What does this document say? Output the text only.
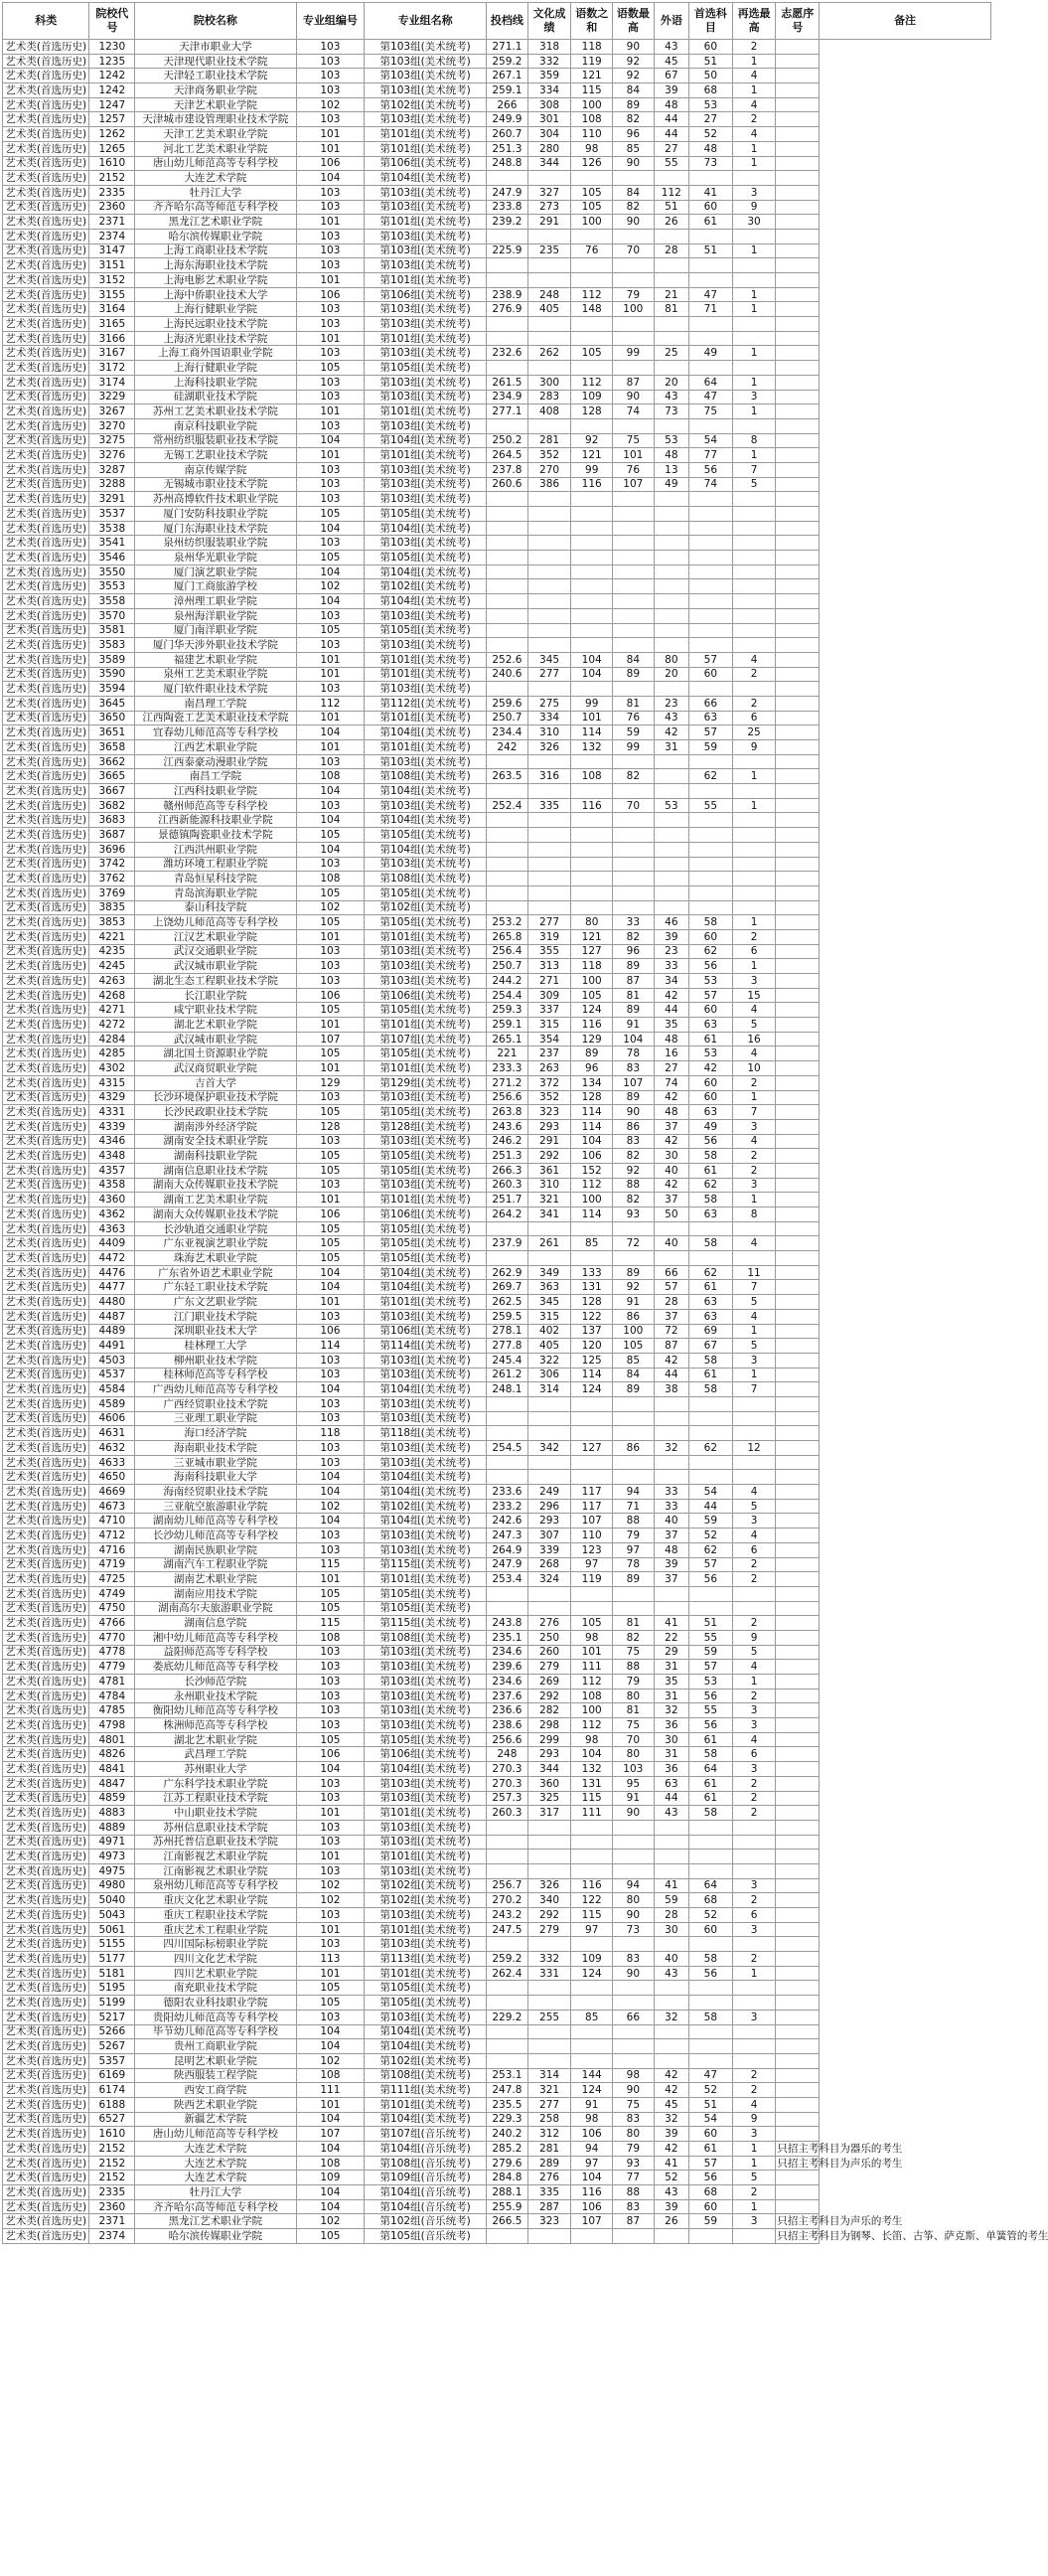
科类	院校代号	院校名称	专业组编号	专业组名称	投档线	文化成绩	语数之和	语数最高	外语	首选科目	再选最高	志愿序号	备注
艺术类(首选历史)	1230	天津市职业大学	103	第103组(美术统考)	271.1	318	118	90	43	60	2		
艺术类(首选历史)	1235	天津现代职业技术学院	103	第103组(美术统考)	259.2	332	119	92	45	51	1		
艺术类(首选历史)	1242	天津轻工职业技术学院	103	第103组(美术统考)	267.1	359	121	92	67	50	4		
艺术类(首选历史)	1242	天津商务职业学院	103	第103组(美术统考)	259.1	334	115	84	39	68	1		
艺术类(首选历史)	1247	天津艺术职业学院	102	第102组(美术统考)	266	308	100	89	48	53	4		
艺术类(首选历史)	1257	天津城市建设管理职业技术学院	103	第103组(美术统考)	249.9	301	108	82	44	27	2		
艺术类(首选历史)	1262	天津工艺美术职业学院	101	第101组(美术统考)	260.7	304	110	96	44	52	4		
艺术类(首选历史)	1265	河北工艺美术职业学院	101	第101组(美术统考)	251.3	280	98	85	27	48	1		
艺术类(首选历史)	1610	唐山幼儿师范高等专科学校	106	第106组(美术统考)	248.8	344	126	90	55	73	1		
艺术类(首选历史)	2152	大连艺术学院	104	第104组(美术统考)									
艺术类(首选历史)	2335	牡丹江大学	103	第103组(美术统考)	247.9	327	105	84	112	41	3		
艺术类(首选历史)	2360	齐齐哈尔高等师范专科学校	103	第103组(美术统考)	233.8	273	105	82	51	60	9		
艺术类(首选历史)	2371	黑龙江艺术职业学院	101	第101组(美术统考)	239.2	291	100	90	26	61	30		
艺术类(首选历史)	2374	哈尔滨传媒职业学院	103	第103组(美术统考)									
艺术类(首选历史)	3147	上海工商职业技术学院	103	第103组(美术统考)	225.9	235	76	70	28	51	1		
艺术类(首选历史)	3151	上海东海职业技术学院	103	第103组(美术统考)									
艺术类(首选历史)	3152	上海电影艺术职业学院	101	第101组(美术统考)									
艺术类(首选历史)	3155	上海中侨职业技术大学	106	第106组(美术统考)	238.9	248	112	79	21	47	1		
艺术类(首选历史)	3164	上海行健职业学院	103	第103组(美术统考)	276.9	405	148	100	81	71	1		
艺术类(首选历史)	3165	上海民远职业技术学院	103	第103组(美术统考)									
艺术类(首选历史)	3166	上海济光职业技术学院	101	第101组(美术统考)									
艺术类(首选历史)	3167	上海工商外国语职业学院	103	第103组(美术统考)	232.6	262	105	99	25	49	1		
艺术类(首选历史)	3172	上海行健职业学院	105	第105组(美术统考)									
艺术类(首选历史)	3174	上海科技职业学院	103	第103组(美术统考)	261.5	300	112	87	20	64	1		
艺术类(首选历史)	3229	硅湖职业技术学院	103	第103组(美术统考)	234.9	283	109	90	43	47	3		
艺术类(首选历史)	3267	苏州工艺美术职业技术学院	101	第101组(美术统考)	277.1	408	128	74	73	75	1		
艺术类(首选历史)	3270	南京科技职业学院	103	第103组(美术统考)									
艺术类(首选历史)	3275	常州纺织服装职业技术学院	104	第104组(美术统考)	250.2	281	92	75	53	54	8		
艺术类(首选历史)	3276	无锡工艺职业技术学院	101	第101组(美术统考)	264.5	352	121	101	48	77	1		
艺术类(首选历史)	3287	南京传媒学院	103	第103组(美术统考)	237.8	270	99	76	13	56	7		
艺术类(首选历史)	3288	无锡城市职业技术学院	103	第103组(美术统考)	260.6	386	116	107	49	74	5		
艺术类(首选历史)	3291	苏州高博软件技术职业学院	103	第103组(美术统考)									
艺术类(首选历史)	3537	厦门安防科技职业学院	105	第105组(美术统考)									
艺术类(首选历史)	3538	厦门东海职业技术学院	104	第104组(美术统考)									
艺术类(首选历史)	3541	泉州纺织服装职业学院	103	第103组(美术统考)									
艺术类(首选历史)	3546	泉州华光职业学院	105	第105组(美术统考)									
艺术类(首选历史)	3550	厦门演艺职业学院	104	第104组(美术统考)									
艺术类(首选历史)	3553	厦门工商旅游学校	102	第102组(美术统考)									
艺术类(首选历史)	3558	漳州理工职业学院	104	第104组(美术统考)									
艺术类(首选历史)	3570	泉州海洋职业学院	103	第103组(美术统考)									
艺术类(首选历史)	3581	厦门南洋职业学院	105	第105组(美术统考)									
艺术类(首选历史)	3583	厦门华天涉外职业技术学院	103	第103组(美术统考)									
艺术类(首选历史)	3589	福建艺术职业学院	101	第101组(美术统考)	252.6	345	104	84	80	57	4		
艺术类(首选历史)	3590	泉州工艺美术职业学院	101	第101组(美术统考)	240.6	277	104	89	20	60	2		
艺术类(首选历史)	3594	厦门软件职业技术学院	103	第103组(美术统考)									
艺术类(首选历史)	3645	南昌理工学院	112	第112组(美术统考)	259.6	275	99	81	23	66	2		
艺术类(首选历史)	3650	江西陶瓷工艺美术职业技术学院	101	第101组(美术统考)	250.7	334	101	76	43	63	6		
艺术类(首选历史)	3651	宜春幼儿师范高等专科学校	104	第104组(美术统考)	234.4	310	114	59	42	57	25		
艺术类(首选历史)	3658	江西艺术职业学院	101	第101组(美术统考)	242	326	132	99	31	59	9		
艺术类(首选历史)	3662	江西泰豪动漫职业学院	103	第103组(美术统考)									
艺术类(首选历史)	3665	南昌工学院	108	第108组(美术统考)	263.5	316	108	82		62	1		
艺术类(首选历史)	3667	江西科技职业学院	104	第104组(美术统考)									
艺术类(首选历史)	3682	赣州师范高等专科学校	103	第103组(美术统考)	252.4	335	116	70	53	55	1		
艺术类(首选历史)	3683	江西新能源科技职业学院	104	第104组(美术统考)									
艺术类(首选历史)	3687	景德镇陶瓷职业技术学院	105	第105组(美术统考)									
艺术类(首选历史)	3696	江西洪州职业学院	104	第104组(美术统考)									
艺术类(首选历史)	3742	潍坊环境工程职业学院	103	第103组(美术统考)									
艺术类(首选历史)	3762	青岛恒星科技学院	108	第108组(美术统考)									
艺术类(首选历史)	3769	青岛滨海职业学院	105	第105组(美术统考)									
艺术类(首选历史)	3835	泰山科技学院	102	第102组(美术统考)									
艺术类(首选历史)	3853	上饶幼儿师范高等专科学校	105	第105组(美术统考)	253.2	277	80	33	46	58	1		
艺术类(首选历史)	4221	江汉艺术职业学院	101	第101组(美术统考)	265.8	319	121	82	39	60	2		
艺术类(首选历史)	4235	武汉交通职业学院	103	第103组(美术统考)	256.4	355	127	96	23	62	6		
艺术类(首选历史)	4245	武汉城市职业学院	103	第103组(美术统考)	250.7	313	118	89	33	56	1		
艺术类(首选历史)	4263	湖北生态工程职业技术学院	103	第103组(美术统考)	244.2	271	100	87	34	53	3		
艺术类(首选历史)	4268	长江职业学院	106	第106组(美术统考)	254.4	309	105	81	42	57	15		
艺术类(首选历史)	4271	咸宁职业技术学院	105	第105组(美术统考)	259.3	337	124	89	44	60	4		
艺术类(首选历史)	4272	湖北艺术职业学院	101	第101组(美术统考)	259.1	315	116	91	35	63	5		
艺术类(首选历史)	4284	武汉城市职业学院	107	第107组(美术统考)	265.1	354	129	104	48	61	16		
艺术类(首选历史)	4285	湖北国土资源职业学院	105	第105组(美术统考)	221	237	89	78	16	53	4		
艺术类(首选历史)	4302	武汉商贸职业学院	101	第101组(美术统考)	233.3	263	96	83	27	42	10		
艺术类(首选历史)	4315	吉首大学	129	第129组(美术统考)	271.2	372	134	107	74	60	2		
艺术类(首选历史)	4329	长沙环境保护职业技术学院	103	第103组(美术统考)	256.6	352	128	89	42	60	1		
艺术类(首选历史)	4331	长沙民政职业技术学院	105	第105组(美术统考)	263.8	323	114	90	48	63	7		
艺术类(首选历史)	4339	湖南涉外经济学院	128	第128组(美术统考)	243.6	293	114	86	37	49	3		
艺术类(首选历史)	4346	湖南安全技术职业学院	103	第103组(美术统考)	246.2	291	104	83	42	56	4		
艺术类(首选历史)	4348	湖南科技职业学院	105	第105组(美术统考)	251.3	292	106	82	30	58	2		
艺术类(首选历史)	4357	湖南信息职业技术学院	105	第105组(美术统考)	266.3	361	152	92	40	61	2		
艺术类(首选历史)	4358	湖南大众传媒职业技术学院	103	第103组(美术统考)	260.3	310	112	88	42	62	3		
艺术类(首选历史)	4360	湖南工艺美术职业学院	101	第101组(美术统考)	251.7	321	100	82	37	58	1		
艺术类(首选历史)	4362	湖南大众传媒职业技术学院	106	第106组(美术统考)	264.2	341	114	93	50	63	8		
艺术类(首选历史)	4363	长沙轨道交通职业学院	105	第105组(美术统考)									
艺术类(首选历史)	4409	广东亚视演艺职业学院	105	第105组(美术统考)	237.9	261	85	72	40	58	4		
艺术类(首选历史)	4472	珠海艺术职业学院	105	第105组(美术统考)									
艺术类(首选历史)	4476	广东省外语艺术职业学院	104	第104组(美术统考)	262.9	349	133	89	66	62	11		
艺术类(首选历史)	4477	广东轻工职业技术学院	104	第104组(美术统考)	269.7	363	131	92	57	61	7		
艺术类(首选历史)	4480	广东文艺职业学院	101	第101组(美术统考)	262.5	345	128	91	28	63	5		
艺术类(首选历史)	4487	江门职业技术学院	103	第103组(美术统考)	259.5	315	122	86	37	63	4		
艺术类(首选历史)	4489	深圳职业技术大学	106	第106组(美术统考)	278.1	402	137	100	72	69	1		
艺术类(首选历史)	4491	桂林理工大学	114	第114组(美术统考)	277.8	405	120	105	87	67	5		
艺术类(首选历史)	4503	柳州职业技术学院	103	第103组(美术统考)	245.4	322	125	85	42	58	3		
艺术类(首选历史)	4537	桂林师范高等专科学校	103	第103组(美术统考)	261.2	306	114	84	44	61	1		
艺术类(首选历史)	4584	广西幼儿师范高等专科学校	104	第104组(美术统考)	248.1	314	124	89	38	58	7		
艺术类(首选历史)	4589	广西经贸职业技术学院	103	第103组(美术统考)									
艺术类(首选历史)	4606	三亚理工职业学院	103	第103组(美术统考)									
艺术类(首选历史)	4631	海口经济学院	118	第118组(美术统考)									
艺术类(首选历史)	4632	海南职业技术学院	103	第103组(美术统考)	254.5	342	127	86	32	62	12		
艺术类(首选历史)	4633	三亚城市职业学院	103	第103组(美术统考)									
艺术类(首选历史)	4650	海南科技职业大学	104	第104组(美术统考)									
艺术类(首选历史)	4669	海南经贸职业技术学院	104	第104组(美术统考)	233.6	249	117	94	33	54	4		
艺术类(首选历史)	4673	三亚航空旅游职业学院	102	第102组(美术统考)	233.2	296	117	71	33	44	5		
艺术类(首选历史)	4710	湖南幼儿师范高等专科学校	104	第104组(美术统考)	242.6	293	107	88	40	59	3		
艺术类(首选历史)	4712	长沙幼儿师范高等专科学校	103	第103组(美术统考)	247.3	307	110	79	37	52	4		
艺术类(首选历史)	4716	湖南民族职业学院	103	第103组(美术统考)	264.9	339	123	97	48	62	6		
艺术类(首选历史)	4719	湖南汽车工程职业学院	115	第115组(美术统考)	247.9	268	97	78	39	57	2		
艺术类(首选历史)	4725	湖南艺术职业学院	101	第101组(美术统考)	253.4	324	119	89	37	56	2		
艺术类(首选历史)	4749	湖南应用技术学院	105	第105组(美术统考)									
艺术类(首选历史)	4750	湖南高尔夫旅游职业学院	105	第105组(美术统考)									
艺术类(首选历史)	4766	湖南信息学院	115	第115组(美术统考)	243.8	276	105	81	41	51	2		
艺术类(首选历史)	4770	湘中幼儿师范高等专科学校	108	第108组(美术统考)	235.1	250	98	82	22	55	9		
艺术类(首选历史)	4778	益阳师范高等专科学校	103	第103组(美术统考)	234.6	260	101	75	29	59	5		
艺术类(首选历史)	4779	娄底幼儿师范高等专科学校	103	第103组(美术统考)	239.6	279	111	88	31	57	4		
艺术类(首选历史)	4781	长沙师范学院	103	第103组(美术统考)	234.6	269	112	79	35	53	1		
艺术类(首选历史)	4784	永州职业技术学院	103	第103组(美术统考)	237.6	292	108	80	31	56	2		
艺术类(首选历史)	4785	衡阳幼儿师范高等专科学校	103	第103组(美术统考)	236.6	282	100	81	32	55	3		
艺术类(首选历史)	4798	株洲师范高等专科学校	103	第103组(美术统考)	238.6	298	112	75	36	56	3		
艺术类(首选历史)	4801	湖北艺术职业学院	105	第105组(美术统考)	256.6	299	98	70	30	61	4		
艺术类(首选历史)	4826	武昌理工学院	106	第106组(美术统考)	248	293	104	80	31	58	6		
艺术类(首选历史)	4841	苏州职业大学	104	第104组(美术统考)	270.3	344	132	103	36	64	3		
艺术类(首选历史)	4847	广东科学技术职业学院	103	第103组(美术统考)	270.3	360	131	95	63	61	2		
艺术类(首选历史)	4859	江苏工程职业技术学院	103	第103组(美术统考)	257.3	325	115	91	44	61	2		
艺术类(首选历史)	4883	中山职业技术学院	101	第101组(美术统考)	260.3	317	111	90	43	58	2		
艺术类(首选历史)	4889	苏州信息职业技术学院	103	第103组(美术统考)									
艺术类(首选历史)	4971	苏州托普信息职业技术学院	103	第103组(美术统考)									
艺术类(首选历史)	4973	江南影视艺术职业学院	101	第101组(美术统考)									
艺术类(首选历史)	4975	江南影视艺术职业学院	103	第103组(美术统考)									
艺术类(首选历史)	4980	泉州幼儿师范高等专科学校	102	第102组(美术统考)	256.7	326	116	94	41	64	3		
艺术类(首选历史)	5040	重庆文化艺术职业学院	102	第102组(美术统考)	270.2	340	122	80	59	68	2		
艺术类(首选历史)	5043	重庆工程职业技术学院	103	第103组(美术统考)	243.2	292	115	90	28	52	6		
艺术类(首选历史)	5061	重庆艺术工程职业学院	101	第101组(美术统考)	247.5	279	97	73	30	60	3		
艺术类(首选历史)	5155	四川国际标榜职业学院	103	第103组(美术统考)									
艺术类(首选历史)	5177	四川文化艺术学院	113	第113组(美术统考)	259.2	332	109	83	40	58	2		
艺术类(首选历史)	5181	四川艺术职业学院	101	第101组(美术统考)	262.4	331	124	90	43	56	1		
艺术类(首选历史)	5195	南充职业技术学院	105	第105组(美术统考)									
艺术类(首选历史)	5199	德阳农业科技职业学院	105	第105组(美术统考)									
艺术类(首选历史)	5217	贵阳幼儿师范高等专科学校	103	第103组(美术统考)	229.2	255	85	66	32	58	3		
艺术类(首选历史)	5266	毕节幼儿师范高等专科学校	104	第104组(美术统考)									
艺术类(首选历史)	5267	贵州工商职业学院	104	第104组(美术统考)									
艺术类(首选历史)	5357	昆明艺术职业学院	102	第102组(美术统考)									
艺术类(首选历史)	6169	陕西服装工程学院	108	第108组(美术统考)	253.1	314	144	98	42	47	2		
艺术类(首选历史)	6174	西安工商学院	111	第111组(美术统考)	247.8	321	124	90	42	52	2		
艺术类(首选历史)	6188	陕西艺术职业学院	101	第101组(美术统考)	235.5	277	91	75	45	51	4		
艺术类(首选历史)	6527	新疆艺术学院	104	第104组(美术统考)	229.3	258	98	83	32	54	9		
艺术类(首选历史)	1610	唐山幼儿师范高等专科学校	107	第107组(音乐统考)	240.2	312	106	80	39	60	3		
艺术类(首选历史)	2152	大连艺术学院	104	第104组(音乐统考)	285.2	281	94	79	42	61	1	只招主考科目为器乐的考生	
艺术类(首选历史)	2152	大连艺术学院	108	第108组(音乐统考)	279.6	289	97	93	41	57	1	只招主考科目为声乐的考生	
艺术类(首选历史)	2152	大连艺术学院	109	第109组(音乐统考)	284.8	276	104	77	52	56	5		
艺术类(首选历史)	2335	牡丹江大学	104	第104组(音乐统考)	288.1	335	116	88	43	68	2		
艺术类(首选历史)	2360	齐齐哈尔高等师范专科学校	104	第104组(音乐统考)	255.9	287	106	83	39	60	1		
艺术类(首选历史)	2371	黑龙江艺术职业学院	102	第102组(音乐统考)	266.5	323	107	87	26	59	3	只招主考科目为声乐的考生	
艺术类(首选历史)	2374	哈尔滨传媒职业学院	105	第105组(音乐统考)								只招主考科目为钢琴、长笛、古筝、萨克斯、单簧管的考生	
